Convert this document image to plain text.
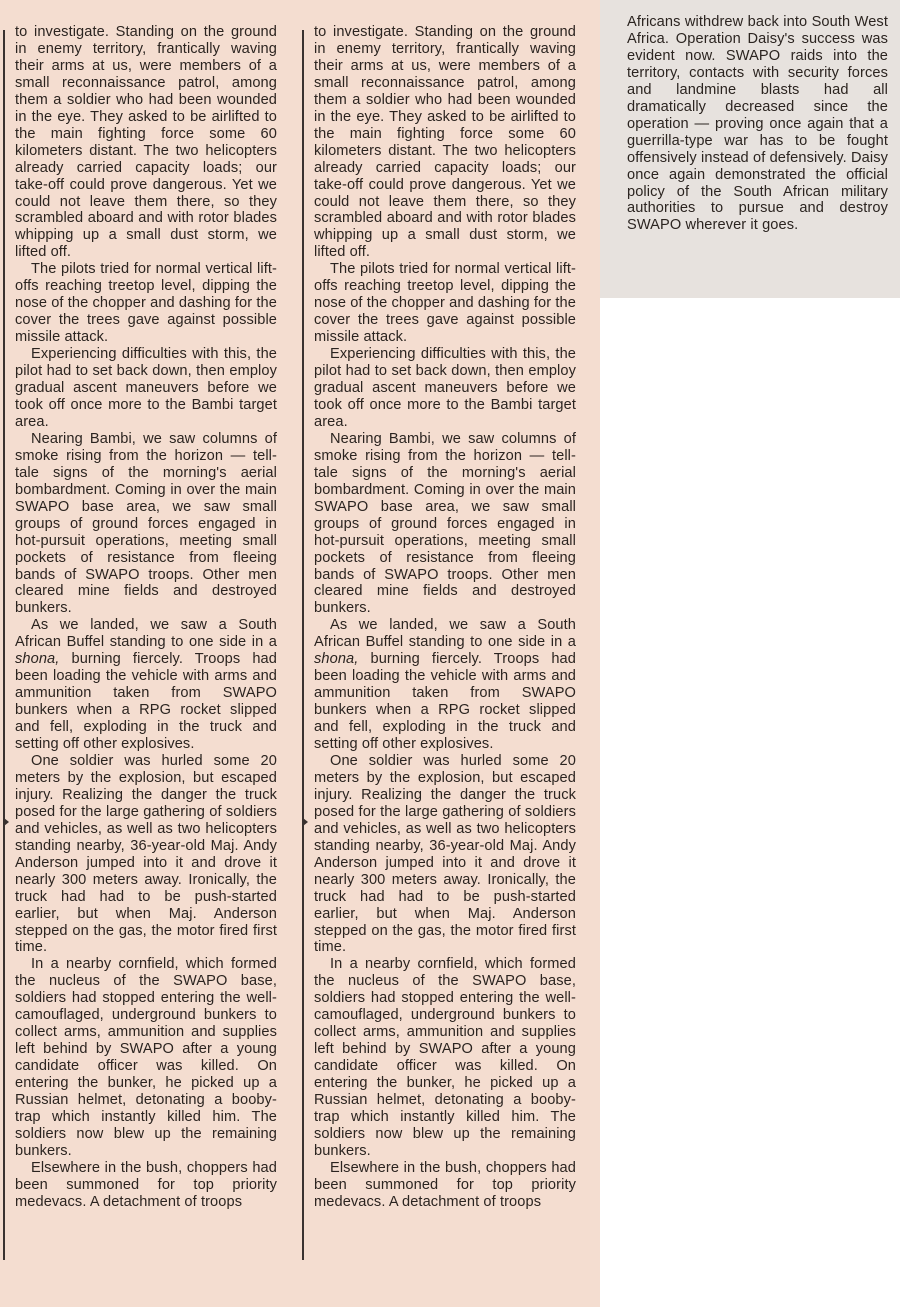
to investigate. Standing on the ground in enemy territory, frantically waving their arms at us, were members of a small reconnaissance patrol, among them a soldier who had been wounded in the eye. They asked to be airlifted to the main fighting force some 60 kilometers distant. The two helicopters already carried capacity loads; our take-off could prove dangerous. Yet we could not leave them there, so they scrambled aboard and with rotor blades whipping up a small dust storm, we lifted off.

The pilots tried for normal vertical lift-offs reaching treetop level, dipping the nose of the chopper and dashing for the cover the trees gave against possible missile attack.

Experiencing difficulties with this, the pilot had to set back down, then employ gradual ascent maneuvers before we took off once more to the Bambi target area.

Nearing Bambi, we saw columns of smoke rising from the horizon — tell-tale signs of the morning's aerial bombardment. Coming in over the main SWAPO base area, we saw small groups of ground forces engaged in hot-pursuit operations, meeting small pockets of resistance from fleeing bands of SWAPO troops. Other men cleared mine fields and destroyed bunkers.

As we landed, we saw a South African Buffel standing to one side in a shona, burning fiercely. Troops had been loading the vehicle with arms and ammunition taken from SWAPO bunkers when a RPG rocket slipped and fell, exploding in the truck and setting off other explosives.

One soldier was hurled some 20 meters by the explosion, but escaped injury. Realizing the danger the truck posed for the large gathering of soldiers and vehicles, as well as two helicopters standing nearby, 36-year-old Maj. Andy Anderson jumped into it and drove it nearly 300 meters away. Ironically, the truck had had to be push-started earlier, but when Maj. Anderson stepped on the gas, the motor fired first time.

In a nearby cornfield, which formed the nucleus of the SWAPO base, soldiers had stopped entering the well-camouflaged, underground bunkers to collect arms, ammunition and supplies left behind by SWAPO after a young candidate officer was killed. On entering the bunker, he picked up a Russian helmet, detonating a booby-trap which instantly killed him. The soldiers now blew up the remaining bunkers.

Elsewhere in the bush, choppers had been summoned for top priority medevacs. A detachment of troops

to investigate. Standing on the ground in enemy territory, frantically waving their arms at us, were members of a small reconnaissance patrol, among them a soldier who had been wounded in the eye. They asked to be airlifted to the main fighting force some 60 kilometers distant. The two helicopters already carried capacity loads; our take-off could prove dangerous. Yet we could not leave them there, so they scrambled aboard and with rotor blades whipping up a small dust storm, we lifted off.

The pilots tried for normal vertical lift-offs reaching treetop level, dipping the nose of the chopper and dashing for the cover the trees gave against possible missile attack.

Experiencing difficulties with this, the pilot had to set back down, then employ gradual ascent maneuvers before we took off once more to the Bambi target area.

Nearing Bambi, we saw columns of smoke rising from the horizon — tell-tale signs of the morning's aerial bombardment. Coming in over the main SWAPO base area, we saw small groups of ground forces engaged in hot-pursuit operations, meeting small pockets of resistance from fleeing bands of SWAPO troops. Other men cleared mine fields and destroyed bunkers.

As we landed, we saw a South African Buffel standing to one side in a shona, burning fiercely. Troops had been loading the vehicle with arms and ammunition taken from SWAPO bunkers when a RPG rocket slipped and fell, exploding in the truck and setting off other explosives.

One soldier was hurled some 20 meters by the explosion, but escaped injury. Realizing the danger the truck posed for the large gathering of soldiers and vehicles, as well as two helicopters standing nearby, 36-year-old Maj. Andy Anderson jumped into it and drove it nearly 300 meters away. Ironically, the truck had had to be push-started earlier, but when Maj. Anderson stepped on the gas, the motor fired first time.

In a nearby cornfield, which formed the nucleus of the SWAPO base, soldiers had stopped entering the well-camouflaged, underground bunkers to collect arms, ammunition and supplies left behind by SWAPO after a young candidate officer was killed. On entering the bunker, he picked up a Russian helmet, detonating a booby-trap which instantly killed him. The soldiers now blew up the remaining bunkers.

Elsewhere in the bush, choppers had been summoned for top priority medevacs. A detachment of troops

Africans withdrew back into South West Africa. Operation Daisy's success was evident now. SWAPO raids into the territory, contacts with security forces and landmine blasts had all dramatically decreased since the operation — proving once again that a guerrilla-type war has to be fought offensively instead of defensively. Daisy once again demonstrated the official policy of the South African military authorities to pursue and destroy SWAPO wherever it goes.
